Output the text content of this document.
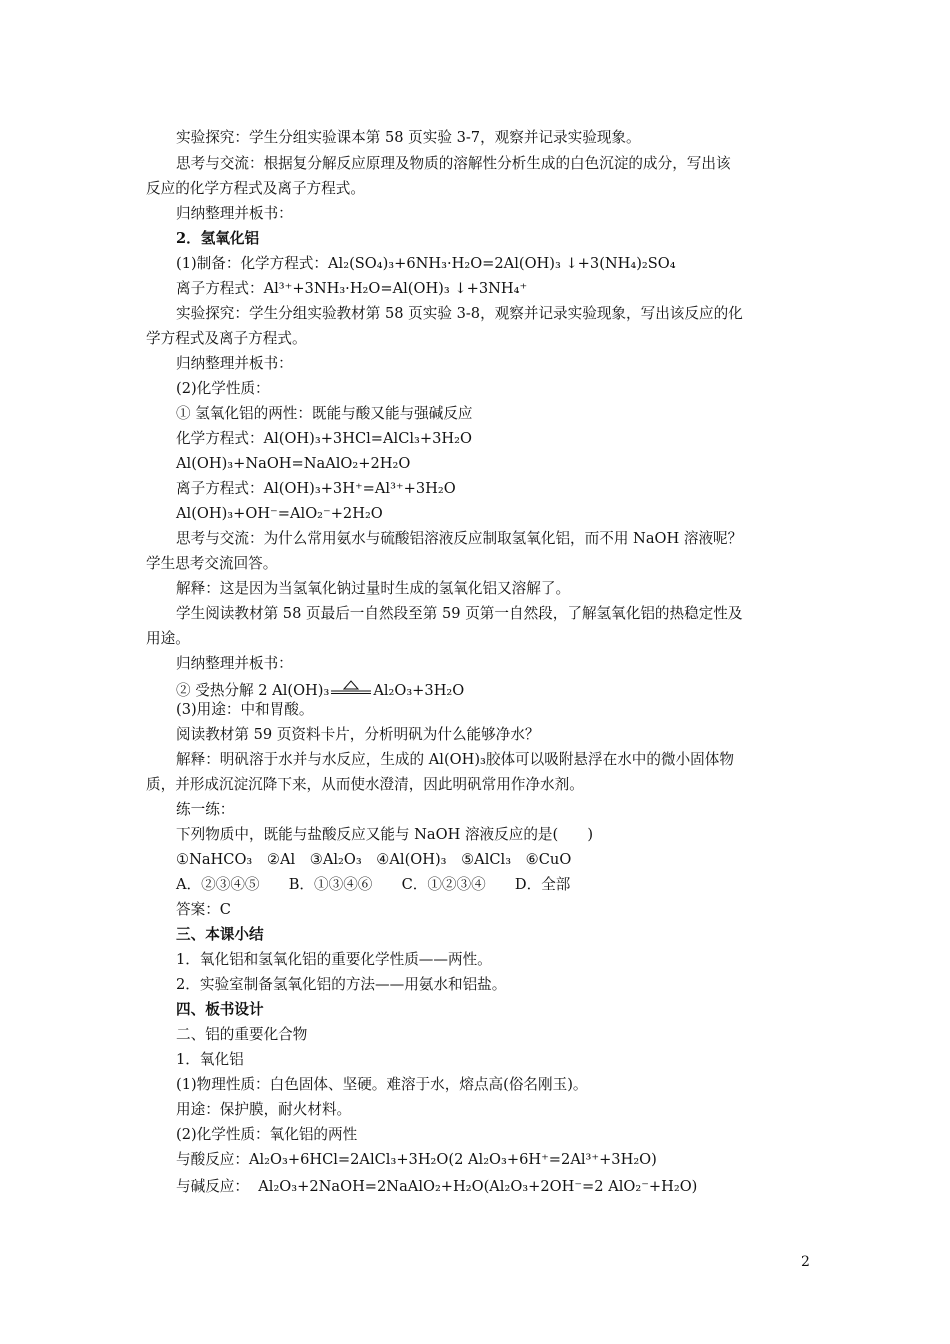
实验探究：学生分组实验课本第 58 页实验 3-7，观察并记录实验现象。
思考与交流：根据复分解反应原理及物质的溶解性分析生成的白色沉淀的成分，写出该
反应的化学方程式及离子方程式。
归纳整理并板书：
2．氢氧化铝
(1)制备：化学方程式：Al₂(SO₄)₃+6NH₃·H₂O=2Al(OH)₃ ↓+3(NH₄)₂SO₄
离子方程式：Al³⁺+3NH₃·H₂O=Al(OH)₃ ↓+3NH₄⁺
实验探究：学生分组实验教材第 58 页实验 3-8，观察并记录实验现象，写出该反应的化
学方程式及离子方程式。
归纳整理并板书：
(2)化学性质：
① 氢氧化铝的两性：既能与酸又能与强碱反应
化学方程式：Al(OH)₃+3HCl=AlCl₃+3H₂O
Al(OH)₃+NaOH=NaAlO₂+2H₂O
离子方程式：Al(OH)₃+3H⁺=Al³⁺+3H₂O
Al(OH)₃+OH⁻=AlO₂⁻+2H₂O
思考与交流：为什么常用氨水与硫酸铝溶液反应制取氢氧化铝，而不用 NaOH 溶液呢？
学生思考交流回答。
解释：这是因为当氢氧化钠过量时生成的氢氧化铝又溶解了。
学生阅读教材第 58 页最后一自然段至第 59 页第一自然段，了解氢氧化铝的热稳定性及
用途。
归纳整理并板书：
② 受热分解 2 Al(OH)₃	Al₂O₃+3H₂O
(3)用途：中和胃酸。
阅读教材第 59 页资料卡片，分析明矾为什么能够净水？
解释：明矾溶于水并与水反应，生成的 Al(OH)₃胶体可以吸附悬浮在水中的微小固体物
质，并形成沉淀沉降下来，从而使水澄清，因此明矾常用作净水剂。
练一练：
下列物质中，既能与盐酸反应又能与 NaOH 溶液反应的是(　　)
①NaHCO₃　②Al　③Al₂O₃　④Al(OH)₃　⑤AlCl₃　⑥CuO
A．②③④⑤　　B．①③④⑥　　C．①②③④　　D．全部
答案：C
三、本课小结
1．氧化铝和氢氧化铝的重要化学性质——两性。
2．实验室制备氢氧化铝的方法——用氨水和铝盐。
四、板书设计
二、铝的重要化合物
1．氧化铝
(1)物理性质：白色固体、坚硬。难溶于水，熔点高(俗名刚玉)。
用途：保护膜，耐火材料。
(2)化学性质：氧化铝的两性
与酸反应：Al₂O₃+6HCl=2AlCl₃+3H₂O(2 Al₂O₃+6H⁺=2Al³⁺+3H₂O)
与碱反应：  Al₂O₃+2NaOH=2NaAlO₂+H₂O(Al₂O₃+2OH⁻=2 AlO₂⁻+H₂O)
2
